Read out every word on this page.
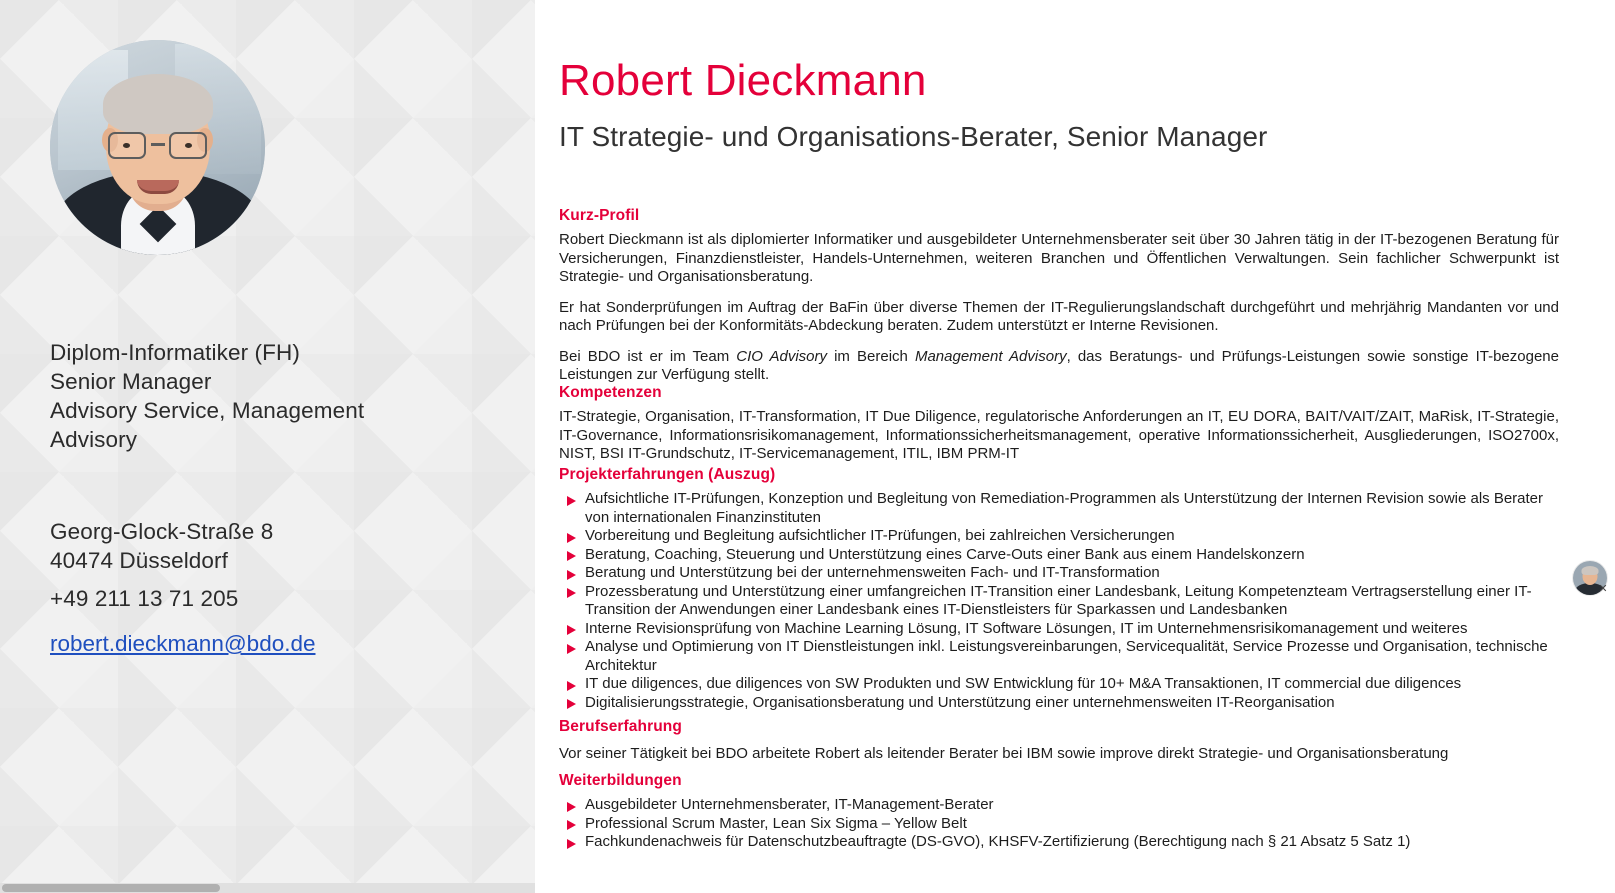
Diplom-Informatiker (FH)
Senior Manager
Advisory Service, Management Advisory
Georg-Glock-Straße 8
40474 Düsseldorf
+49 211 13 71 205
robert.dieckmann@bdo.de
Robert Dieckmann
IT Strategie- und Organisations-Berater, Senior Manager
Kurz-Profil

Robert Dieckmann ist als diplomierter Informatiker und ausgebildeter Unternehmensberater seit über 30 Jahren tätig in der IT-bezogenen Beratung für Versicherungen, Finanzdienstleister, Handels-Unternehmen, weiteren Branchen und Öffentlichen Verwaltungen. Sein fachlicher Schwerpunkt ist Strategie- und Organisationsberatung.

Er hat Sonderprüfungen im Auftrag der BaFin über diverse Themen der IT-Regulierungslandschaft durchgeführt und mehrjährig Mandanten vor und nach Prüfungen bei der Konformitäts-Abdeckung beraten. Zudem unterstützt er Interne Revisionen.

Bei BDO ist er im Team CIO Advisory im Bereich Management Advisory, das Beratungs- und Prüfungs-Leistungen sowie sonstige IT-bezogene Leistungen zur Verfügung stellt.

Kompetenzen

IT-Strategie, Organisation, IT-Transformation, IT Due Diligence, regulatorische Anforderungen an IT, EU DORA, BAIT/VAIT/ZAIT, MaRisk, IT-Strategie, IT-Governance, Informationsrisikomanagement, Informationssicherheitsmanagement, operative Informationssicherheit, Ausgliederungen, ISO2700x, NIST, BSI IT-Grundschutz, IT-Servicemanagement, ITIL, IBM PRM-IT

Projekterfahrungen (Auszug)
Aufsichtliche IT-Prüfungen, Konzeption und Begleitung von Remediation-Programmen als Unterstützung der Internen Revision sowie als Berater von internationalen Finanzinstituten
Vorbereitung und Begleitung aufsichtlicher IT-Prüfungen, bei zahlreichen Versicherungen
Beratung, Coaching, Steuerung und Unterstützung eines Carve-Outs einer Bank aus einem Handelskonzern
Beratung und Unterstützung bei der unternehmensweiten Fach- und IT-Transformation
Prozessberatung und Unterstützung einer umfangreichen IT-Transition einer Landesbank, Leitung Kompetenzteam Vertragserstellung einer IT-Transition der Anwendungen einer Landesbank eines IT-Dienstleisters für Sparkassen und Landesbanken
Interne Revisionsprüfung von Machine Learning Lösung, IT Software Lösungen, IT im Unternehmensrisikomanagement und weiteres
Analyse und Optimierung von IT Dienstleistungen inkl. Leistungsvereinbarungen, Servicequalität, Service Prozesse und Organisation, technische Architektur
IT due diligences, due diligences von SW Produkten und SW Entwicklung für 10+ M&A Transaktionen, IT commercial due diligences
Digitalisierungsstrategie, Organisationsberatung und Unterstützung einer unternehmensweiten IT-Reorganisation
Berufserfahrung

Vor seiner Tätigkeit bei BDO arbeitete Robert als leitender Berater bei IBM sowie improve direkt Strategie- und Organisationsberatung

Weiterbildungen
Ausgebildeter Unternehmensberater, IT-Management-Berater
Professional Scrum Master, Lean Six Sigma – Yellow Belt
Fachkundenachweis für Datenschutzbeauftragte (DS-GVO), KHSFV-Zertifizierung (Berechtigung nach § 21 Absatz 5 Satz 1)
✕
